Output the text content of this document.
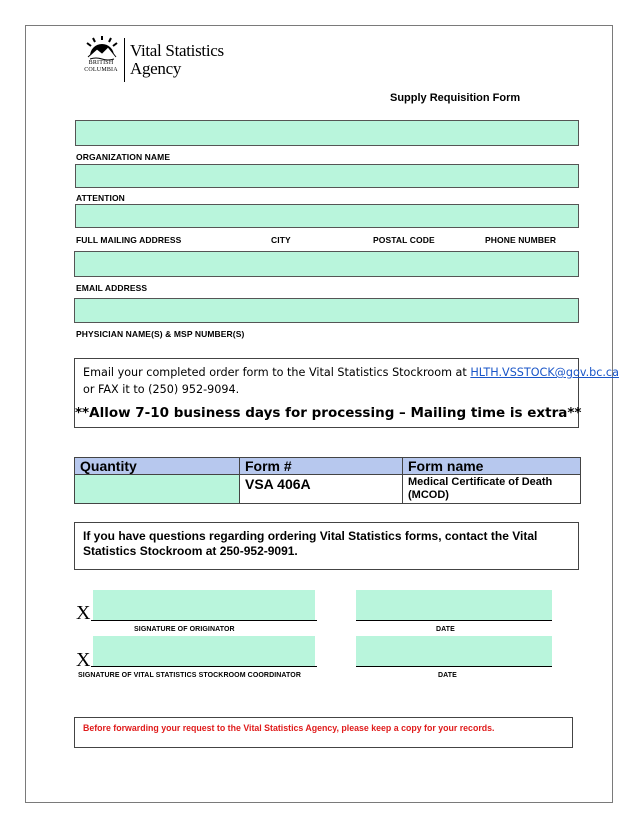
BRITISH
COLUMBIA
Vital Statistics
Agency
Supply Requisition Form
ORGANIZATION NAME
ATTENTION
FULL MAILING ADDRESS	CITY	POSTAL CODE	PHONE NUMBER
EMAIL ADDRESS
PHYSICIAN NAME(S) & MSP NUMBER(S)
Email your completed order form to the Vital Statistics Stockroom at HLTH.VSSTOCK@gov.bc.ca
or FAX it to (250) 952-9094.
**Allow 7-10 business days for processing – Mailing time is extra**
Quantity	Form #	Form name
	VSA 406A	Medical Certificate of Death (MCOD)
If you have questions regarding ordering Vital Statistics forms, contact the Vital Statistics Stockroom at 250-952-9091.
X
SIGNATURE OF ORIGINATOR	DATE
X
SIGNATURE OF VITAL STATISTICS STOCKROOM COORDINATOR	DATE
Before forwarding your request to the Vital Statistics Agency, please keep a copy for your records.
